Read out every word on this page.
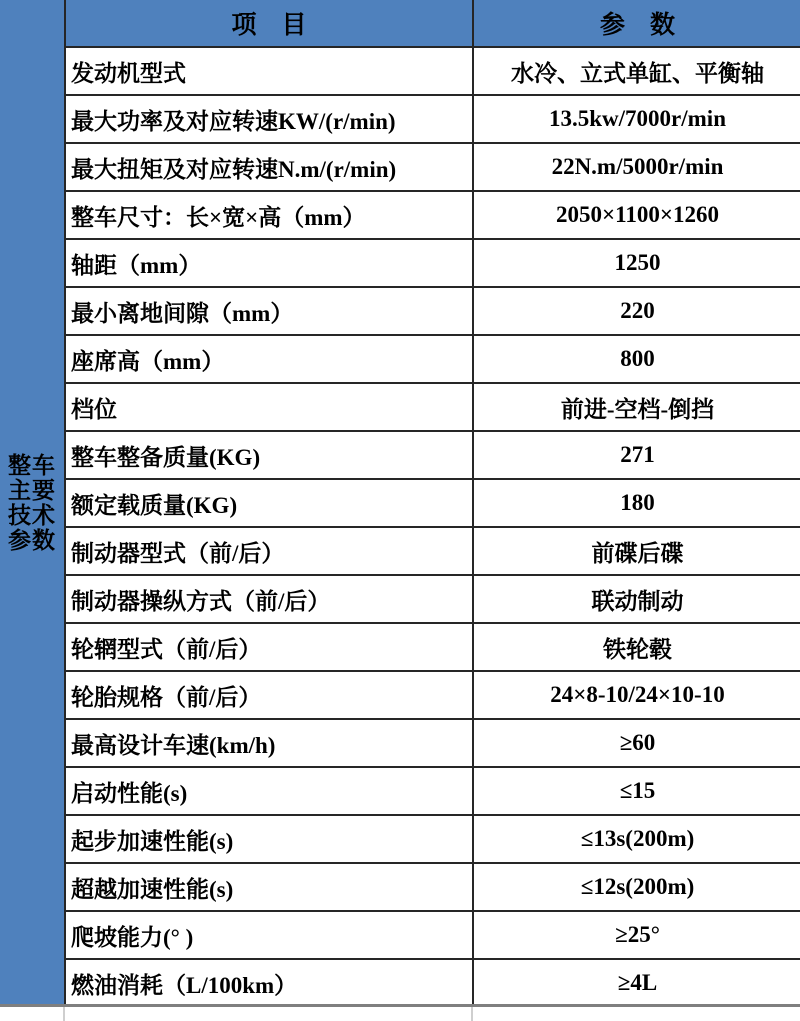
整车
主要
技术
参数
项　目	参　数
发动机型式	水冷、立式单缸、平衡轴
最大功率及对应转速KW/(r/min)	13.5kw/7000r/min
最大扭矩及对应转速N.m/(r/min)	22N.m/5000r/min
整车尺寸：长×宽×高（mm）	2050×1100×1260
轴距（mm）	1250
最小离地间隙（mm）	220
座席高（mm）	800
档位	前进-空档-倒挡
整车整备质量(KG)	271
额定载质量(KG)	180
制动器型式（前/后）	前碟后碟
制动器操纵方式（前/后）	联动制动
轮辋型式（前/后）	铁轮毂
轮胎规格（前/后）	24×8-10/24×10-10
最高设计车速(km/h)	≥60
启动性能(s)	≤15
起步加速性能(s)	≤13s(200m)
超越加速性能(s)	≤12s(200m)
爬坡能力(° )	≥25°
燃油消耗（L/100km）	≥4L
